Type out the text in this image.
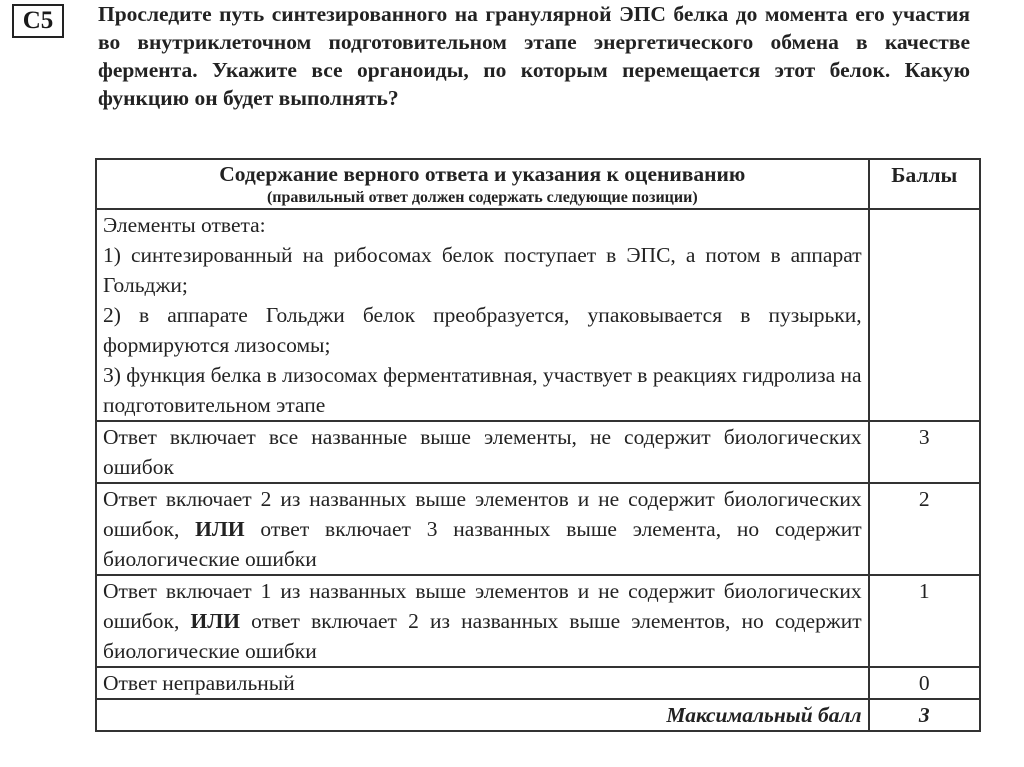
С5	Проследите путь синтезированного на гранулярной ЭПС белка до момента его участия во внутриклеточном подготовительном этапе энергетического обмена в качестве фермента. Укажите все органоиды, по которым перемещается этот белок. Какую функцию он будет выполнять?
Содержание верного ответа и указания к оцениванию
(правильный ответ должен содержать следующие позиции)	Баллы

Элементы ответа:
1) синтезированный на рибосомах белок поступает в ЭПС, а потом в аппарат Гольджи;
2) в аппарате Гольджи белок преобразуется, упаковывается в пузырьки, формируются лизосомы;
3) функция белка в лизосомах ферментативная, участвует в реакциях гидролиза на подготовительном этапе	

Ответ включает все названные выше элементы, не содержит биологических ошибок	3
Ответ включает 2 из названных выше элементов и не содержит биологических ошибок, ИЛИ ответ включает 3 названных выше элемента, но содержит биологические ошибки	2
Ответ включает 1 из названных выше элементов и не содержит биологических ошибок, ИЛИ ответ включает 2 из названных выше элементов, но содержит биологические ошибки	1
Ответ неправильный	0
Максимальный балл	3
